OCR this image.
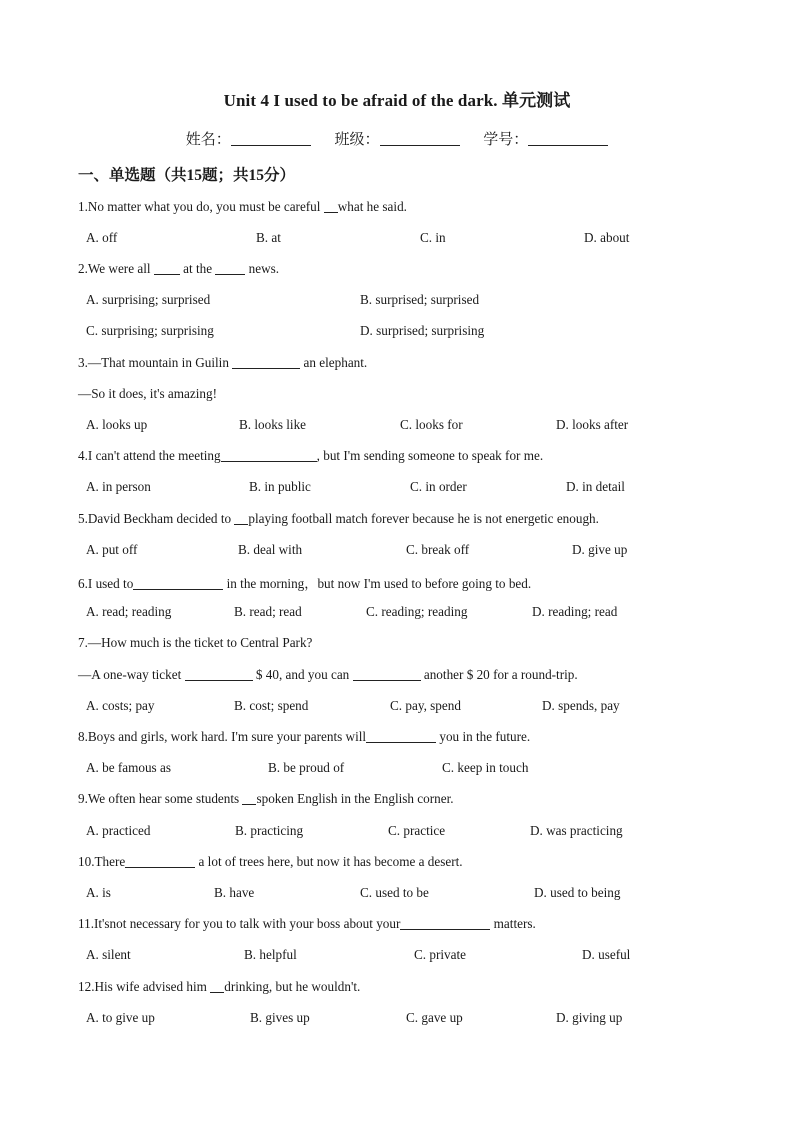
Unit 4 I used to be afraid of the dark. 单元测试
姓名：	班级：	学号：
一、单选题（共15题；共15分）
1.No matter what you do, you must be careful what he said.
A. off	B. at	C. in	D. about
2.We were all  at the  news.
A. surprising; surprised	B. surprised; surprised
C. surprising; surprising	D. surprised; surprising
3.—That mountain in Guilin	an elephant.
—So it does, it's amazing!
A. looks up	B. looks like	C. looks for	D. looks after
4.I can't attend the meeting	, but I'm sending someone to speak for me.
A. in person	B. in public	C. in order	D. in detail
5.David Beckham decided to playing football match forever because he is not energetic enough.
A. put off	B. deal with	C. break off	D. give up
6.I used to	in the morning，but now I'm used to before going to bed.
A. read; reading	B. read; read	C. reading; reading	D. reading; read
7.—How much is the ticket to Central Park?
—A one-way ticket	$ 40, and you can	another $ 20 for a round-trip.
A. costs; pay	B. cost; spend	C. pay, spend	D. spends, pay
8.Boys and girls, work hard. I'm sure your parents will	you in the future.
A. be famous as	B. be proud of	C. keep in touch
9.We often hear some students spoken English in the English corner.
A. practiced	B. practicing	C. practice	D. was practicing
10.There	a lot of trees here, but now it has become a desert.
A. is	B. have	C. used to be	D. used to being
11.It'snot necessary for you to talk with your boss about your	matters.
A. silent	B. helpful	C. private	D. useful
12.His wife advised him drinking, but he wouldn't.
A. to give up	B. gives up	C. gave up	D. giving up
